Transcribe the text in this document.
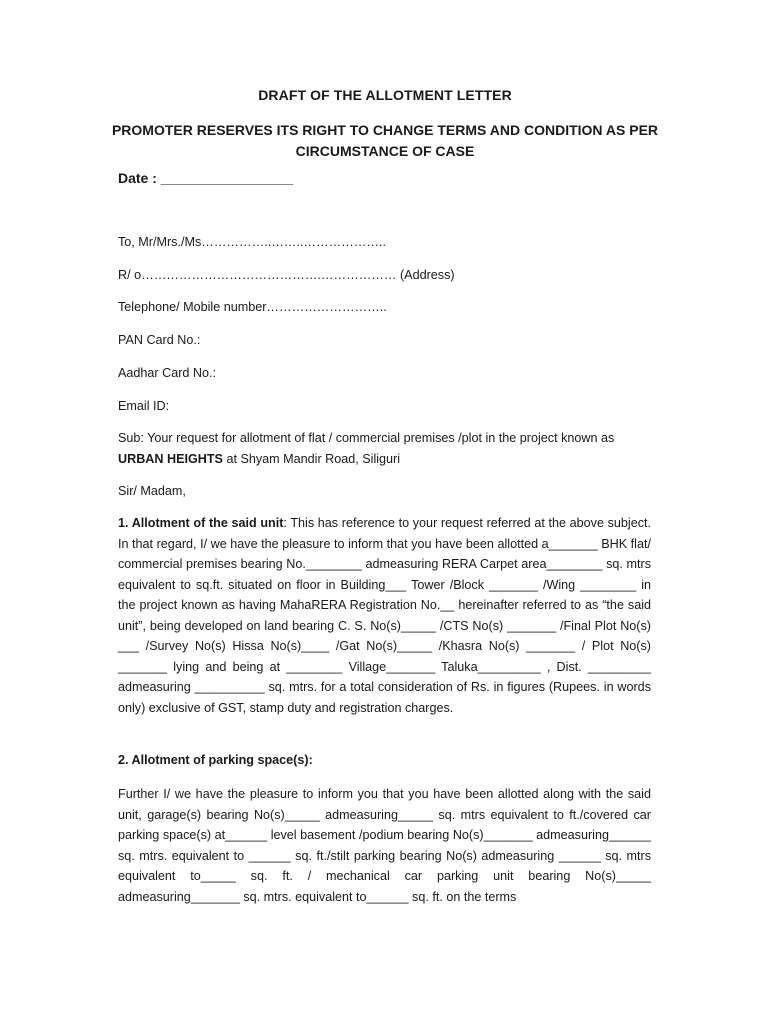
DRAFT OF THE ALLOTMENT LETTER
PROMOTER RESERVES ITS RIGHT TO CHANGE TERMS AND CONDITION AS PER CIRCUMSTANCE OF CASE
Date : _________________
To, Mr/Mrs./Ms……………..……..………………..
R/ o…………………………………….……………… (Address)
Telephone/ Mobile number………………………..
PAN Card No.:
Aadhar Card No.:
Email ID:
Sub: Your request for allotment of flat / commercial premises /plot in the project known as
URBAN HEIGHTS at Shyam Mandir Road, Siliguri
Sir/ Madam,
1. Allotment of the said unit: This has reference to your request referred at the above subject. In that regard, I/ we have the pleasure to inform that you have been allotted a_______ BHK flat/ commercial premises bearing No.________ admeasuring RERA Carpet area________ sq. mtrs equivalent to sq.ft. situated on floor in Building___ Tower /Block _______ /Wing ________ in the project known as having MahaRERA Registration No.__ hereinafter referred to as “the said unit”, being developed on land bearing C. S. No(s)_____ /CTS No(s) _______ /Final Plot No(s) ___ /Survey No(s) Hissa No(s)____ /Gat No(s)_____ /Khasra No(s) _______ / Plot No(s) _______ lying and being at ________ Village_______ Taluka_________ , Dist. _________ admeasuring __________ sq. mtrs. for a total consideration of Rs. in figures (Rupees. in words only) exclusive of GST, stamp duty and registration charges.
2. Allotment of parking space(s):
Further I/ we have the pleasure to inform you that you have been allotted along with the said unit, garage(s) bearing No(s)_____ admeasuring_____ sq. mtrs equivalent to ft./covered car parking space(s) at______ level basement /podium bearing No(s)_______ admeasuring______ sq. mtrs. equivalent to ______ sq. ft./stilt parking bearing No(s) admeasuring ______ sq. mtrs equivalent to_____ sq. ft. / mechanical car parking unit bearing No(s)_____ admeasuring_______ sq. mtrs. equivalent to______ sq. ft. on the terms
